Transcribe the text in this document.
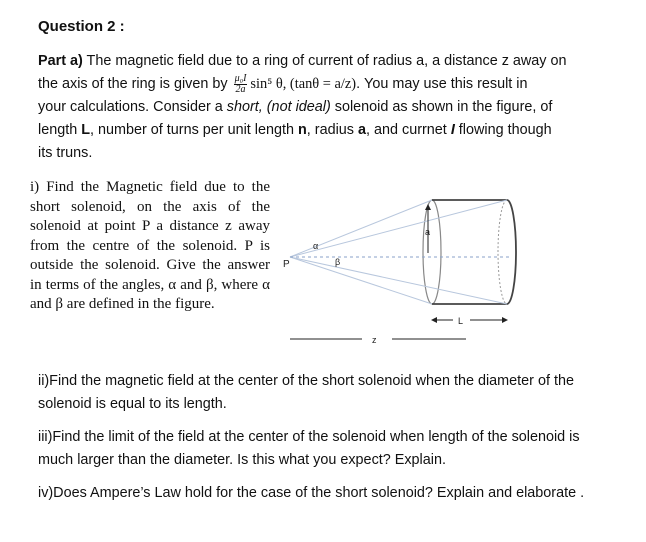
Question 2 :
Part a) The magnetic field due to a ring of current of radius a, a distance z away on
the axis of the ring is given by $\frac{\text{μ₀I}}{2a} \sin^5$ θ, (tanθ = a/z). You may use this result in
your calculations. Consider a short, (not ideal) solenoid as shown in the figure, of
length L, number of turns per unit length n, radius a, and currnet I flowing though
its truns.
i) Find the Magnetic field due to the short solenoid, on the axis of the solenoid at point P a distance z away from the centre of the solenoid. P is outside the solenoid. Give the answer in terms of the angles, α and β, where α and β are defined in the figure.
a
P
α
β
L
z
ii)Find the magnetic field at the center of the short solenoid when the diameter of the solenoid is equal to its length.
iii)Find the limit of the field at the center of the solenoid when length of the solenoid is much larger than the diameter. Is this what you expect? Explain.
iv)Does Ampere’s Law hold for the case of the short solenoid? Explain and elaborate .
